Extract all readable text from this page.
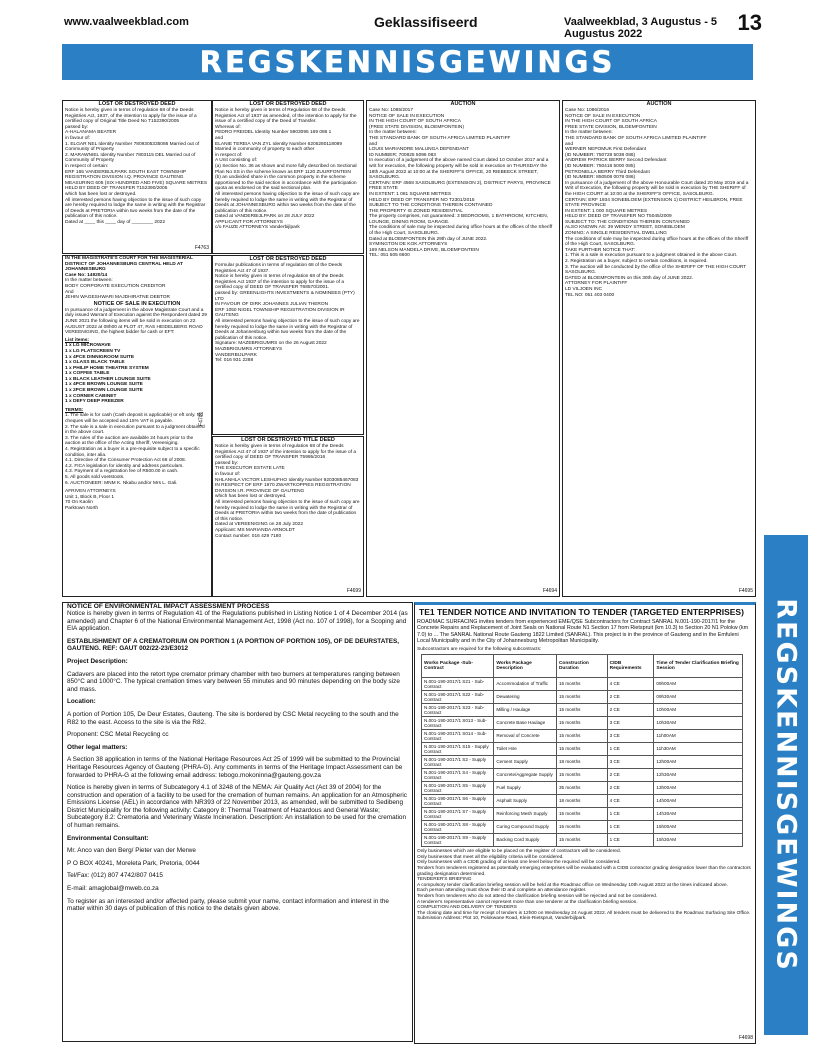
www.vaalweekblad.com	Geklassifiseerd	Vaalweekblad, 3 Augustus - 5 Augustus 2022	13
REGSKENNISGEWINGS
LOST OR DESTROYED DEED
Notice is hereby given in terms of regulation 68 of the Deeds Registries Act, 1937, of the intention to apply for the issue of a certified copy of Original Title Deed No T152390/2005
passed by:
A-HALANAMA BEATER
in favour of:
1. ELGAR NEL Identity Number 7809305335086 Married out of Community of Property
2. MARAWNIEL Identity Number 7803115 DEL Married out of Community of Property
in respect of certain:
ERF 165 VANDERBIJLPARK SOUTH EAST TOWNSHIP REGISTRATION DIVISION I.Q. PROVINCE GAUTENG
MEASURING 605 (SIX HUNDRED AND FIVE) SQUARE METRES
HELD BY DEED OF TRANSFER T152390/2005
which has been lost or destroyed.
All interested persons having objection to the issue of such copy are hereby required to lodge the same in writing with the Registrar of Deeds at PRETORIA within two weeks from the date of the publication of this notice.
Dated at ____ this ____ day of ________ 2022
F4763
LOST OR DESTROYED DEED
Notice is hereby given in terms of Regulation 68 of the Deeds Registries Act of 1937 as amended, of the intention to apply for the issue of a certified copy of the Deed of Transfer.
Whereas of:
PEDRO FREIDEL Identity Number 5903095 169 086 1
and
ELANIE TEREIA VAN ZYL Identity Number 6205280118089
Married in community of property to each other
in respect of:
A Unit consisting of:
(a) Section No. 36 as shown and more fully described on Sectional Plan No SS in the scheme known as ERF 1120 ZUURFONTEIN
(b) an undivided share in the common property in the scheme apportioned to the said section in accordance with the participation quota as endorsed on the said sectional plan.
All interested persons having objection to the issue of such copy are hereby required to lodge the same in writing with the Registrar of Deeds at JOHANNESBURG within two weeks from the date of the publication of this notice.
Dated at VANDERBIJLPARK on 28 JULY 2022
APPLICANT FOR ATTORNEYS
c/o FAUZE ATTORNEYS Vanderbijlpark
IN THE MAGISTRATE'S COURT FOR THE MAGISTERIAL DISTRICT OF JOHANNESBURG CENTRAL HELD AT JOHANNESBURG
Case No: 14920/14
In the matter between:
BODY CORPORATE EXECUTION CREDITOR
And
JEHIN WAGESHWARI MAJDHIRATNE DEBTOR
NOTICE OF SALE IN EXECUTION

In pursuance of a judgement in the above Magistrate Court and a duly issued Warrant of Execution against the Respondent dated 29 JUNE 2021 the following items will be sold in execution on 22 AUGUST 2022 at 08h00 at PLOT 47, RAS HEIDELBERG ROAD VEREENIGING, the highest bidder for cash or EFT:

List items:
1 x LG MICROWAVE
1 x LG FLATSCREEN TV
1 x 4PCE DINNIGROOM SUITE
1 x GLASS BLACK TABLE
1 x PHILIP HOME THEATRE SYSTEM
1 x COFFEE TABLE
1 x BLACK LEATHER LOUNGE SUITE
1 x 4PCE BROWN LOUNGE SUITE
1 x 2PCE BROWN LOUNGE SUITE
1 x CORNER CABINET
1 x DEFY DEEP FREEZER
TERMS:
1. The sale is for cash (Cash deposit is applicable) or eft only. No cheques will be accepted and 15% VAT is payable.
2. The sale is a sale in execution pursuant to a judgment obtained in the above court.
3. The rules of the auction are available 24 hours prior to the auction at the office of the Acting Sheriff, Vereeniging.
4. Registration as a buyer is a pre-requisite subject to a specific condition, inter alia.
4.1. Directive of the Consumer Protection Act 68 of 2008.
4.2. FICA legislation for identity and address particulars.
4.3. Payment of a registration fee of R500.00 in cash.
5. All goods sold voetstoots.
6. AUCTIONEER: MNM K. Nkabu and/or Mrs L. Gali.
AFRIVEN ATTORNEYS
Unit 1, Block B, Floor 1
70 On Kaolin
Parktown North
F4701
LOST OR DESTROYED DEED
Formular publications in terms of regulation 68 of the Deeds Registries Act 47 of 1937.
Notice is hereby given in terms of regulation 68 of the Deeds Registries Act 1937 of the intention to apply for the issue of a certified copy of DEED OF TRANSFER T68570/2001.
passed by: GREENLIGHTS INVESTMENTS & NOMINEES (PTY) LTD
IN FAVOUR OF DIRK JOHANNES JULIAN THERON
ERF 1050 NIGEL TOWNSHIP REGISTRATION DIVISION IR GAUTENG
All interested persons having objection to the issue of such copy are hereby required to lodge the same in writing with the Registrar of Deeds at Johannesburg within two weeks from the date of the publication of this notice.
Signature: MAZEBRIGUMRS on the 26 August 2022
MAZIBRIGUMRS ATTORNEYS
VANDERBIJLPARK
Tel: 016 931 2288
LOST OR DESTROYED TITLE DEED
Notice is hereby given in terms of regulation 68 of the Deeds Registries Act 47 of 1937 of the intention to apply for the issue of a certified copy of DEED OF TRANSFER T5995/2016
passed by:
THE EXECUTOR ESTATE LATE
in favour of:
NHLANHLA VICTOR LESHUFHO Identity Number 9203085467083
IN RESPECT OF ERF 1970 ZWARTKOPPIES REGISTRATION DIVISION I.R. PROVINCE OF GAUTENG
which has been lost or destroyed.
All interested persons having objection to the issue of such copy are hereby required to lodge the same in writing with the Registrar of Deeds at PRETORIA within two weeks from the date of publication of this notice.
Dated at VEREENIGING on 28 July 2022
Applicant: MS MARIANDA ARNOLDT
Contact number: 016 429 7180
F4699
AUCTION
Case No: 1085/2017
NOTICE OF SALE IN EXECUTION
IN THE HIGH COURT OF SOUTH AFRICA
(FREE STATE DIVISION, BLOEMFONTEIN)
In the matter between:
THE STANDARD BANK OF SOUTH AFRICA LIMITED PLAINTIFF
and
LOUIS MARIANDRE MALUNGA DEFENDANT
ID NUMBER: 700825 5096 083
In execution of a judgement of the above named Court dated 10 October 2017 and a writ for execution, the following property will be sold in execution on THURSDAY the 18th August 2022 at 10:00 at the SHERIFF'S OFFICE, 20 RIEBEECK STREET, SASOLBURG.
CERTAIN: ERF 4568 SASOLBURG (EXTENSION 2), DISTRICT PARYS, PROVINCE FREE STATE
IN EXTENT: 1 081 SQUARE METRES
HELD BY DEED OF TRANSFER NO T2301/2015
SUBJECT TO THE CONDITIONS THEREIN CONTAINED
THE PROPERTY IS ZONED RESIDENTIAL
The property comprises, not guaranteed: 3 BEDROOMS, 1 BATHROOM, KITCHEN, LOUNGE, DINING ROOM, GARAGE.
The conditions of sale may be inspected during office hours at the offices of the Sheriff of the High Court, SASOLBURG.
Dated at BLOEMFONTEIN this 29th day of JUNE 2022.
SYMINGTON DE KOK ATTORNEYS
169 NELSON MANDELA DRIVE, BLOEMFONTEIN
TEL: 051 505 6600
F4694
AUCTION
Case No: 1086/2016
NOTICE OF SALE IN EXECUTION
IN THE HIGH COURT OF SOUTH AFRICA
FREE STATE DIVISION, BLOEMFONTEIN
In the matter between:
THE STANDARD BANK OF SOUTH AFRICA LIMITED PLAINTIFF
and
WERNER NEPOMUK First Defendant
(ID NUMBER: 750728 5038 086)
ANDREW PATRICK BERRY Second Defendant
(ID NUMBER: 750418 5000 085)
PETRONELLA BERRY Third Defendant
(ID NUMBER: 850508 0078 086)
In pursuance of a judgement of the above Honourable Court dated 20 May 2019 and a Writ of Execution, the following property will be sold in execution by THE SHERIFF of the HIGH COURT at 10:00 at the SHERIFF'S OFFICE, SASOLBURG.
CERTAIN: ERF 1934 SONEBLOEM (EXTENSION 1) DISTRICT HEILBRON, FREE STATE PROVINCE
IN EXTENT: 1 000 SQUARE METRES
HELD BY: DEED OF TRANSFER NO T5045/2009
SUBJECT TO: THE CONDITIONS THEREIN CONTAINED
ALSO KNOWN AS: 39 WENDY STREET, SONEBLOEM
ZONING: A SINGLE RESIDENTIAL DWELLING
The conditions of sale may be inspected during office hours at the offices of the Sheriff of the High Court, SASOLBURG.
TAKE FURTHER NOTICE THAT:
1. This is a sale in execution pursuant to a judgment obtained in the above Court.
2. Registration as a buyer, subject to certain conditions, is required.
3. The auction will be conducted by the office of the SHERIFF OF THE HIGH COURT SASOLBURG.
DATED at BLOEMFONTEIN on this 30th day of JUNE 2022.
ATTORNEY FOR PLAINTIFF
LD VILJOEN INC
TEL NO: 051 403 0400
F4695
NOTICE OF ENVIRONMENTAL IMPACT ASSESSMENT PROCESS

Notice is hereby given in terms of Regulation 41 of the Regulations published in Listing Notice 1 of 4 December 2014 (as amended) and Chapter 6 of the National Environmental Management Act, 1998 (Act no. 107 of 1998), for a Scoping and EIA application.

ESTABLISHMENT OF A CREMATORIUM ON PORTION 1 (A PORTION OF PORTION 105), OF DE DEURSTATES, GAUTENG. REF: GAUT 002/22-23/E3012

Project Description:

Cadavers are placed into the retort type cremator primary chamber with two burners at temperatures ranging between 850°C and 1000°C. The typical cremation times vary between 55 minutes and 90 minutes depending on the body size and mass.

Location:

A portion of Portion 105, De Deur Estates, Gauteng. The site is bordered by CSC Metal recycling to the south and the R82 to the east. Access to the site is via the R82.

Proponent: CSC Metal Recycling cc

Other legal matters:

A Section 38 application in terms of the National Heritage Resources Act 25 of 1999 will be submitted to the Provincial Heritage Resources Agency of Gauteng (PHRA-G). Any comments in terms of the Heritage Impact Assessment can be forwarded to PHRA-G at the following email address: tebogo.mokoninna@gauteng.gov.za

Notice is hereby given in terms of Subcategory 4.1 of 3248 of the NEMA: Air Quality Act (Act 39 of 2004) for the construction and operation of a facility to be used for the cremation of human remains. An application for an Atmospheric Emissions License (AEL) in accordance with NR393 of 22 November 2013, as amended, will be submitted to Sedibeng District Municipality for the following activity: Category 8: Thermal Treatment of Hazardous and General Waste; Subcategory 8.2: Crematoria and Veterinary Waste Incineration. Description: An installation to be used for the cremation of human remains.

Environmental Consultant:

Mr. Anco van den Berg/ Pieter van der Merwe

P O BOX 40241, Moreleta Park, Pretoria, 0044

Tel/Fax: (012) 807 4742/807 0415

E-mail: amaglobal@mweb.co.za

To register as an interested and/or affected party, please submit your name, contact information and interest in the matter within 30 days of publication of this notice to the details given above.

TE1 TENDER NOTICE AND INVITATION TO TENDER (TARGETED ENTERPRISES)

ROADMAC SURFACING invites tenders from experienced EME/QSE Subcontractors for Contract SANRAL N.001-190-2017/1 for the Concrete Repairs and Replacement of Joint Seals on National Route N1 Section 17 from Rietspruit (km 10.3) to Section 20 N1 Polokw (km 7.0) to ... The SANRAL National Route Gauteng 1822 Limited (SANRAL). This project is in the province of Gauteng and in the Emfuleni Local Municipality and in the City of Johannesburg Metropolitan Municipality.

Subcontractors are required for the following subcontracts:

Works Package -Sub-Contract	Works Package Description	Construction Duration	CIDB Requirements	Time of Tender Clarification Briefing Session
N.001-190-2017/1 S21 - Sub-Contract	Accommodation of Traffic	15 months	4 CE	09h00AM
N.001-190-2017/1 S22 - Sub-Contract	Dewatering	15 months	2 CE	09h30AM
N.001-190-2017/1 S23 - Sub-Contract	Milling / Haulage	15 months	2 CE	10h00AM
N.001-190-2017/1 S013 - Sub-Contract	Concrete Base Haulage	15 months	3 CE	10h30AM
N.001-190-2017/1 S014 - Sub-Contract	Removal of Concrete	15 months	3 CE	11h00AM
N.001-190-2017/1 S15 - Supply Contract	Toilet Hire	15 months	1 CE	11h30AM
N.001-190-2017/1 S2 - Supply Contract	Cement Supply	18 months	3 CE	12h00AM
N.001-190-2017/1 S4 - Supply Contract	Concrete/Aggregate Supply	15 months	2 CE	12h30AM
N.001-190-2017/1 S5 - Supply Contract	Fuel Supply	35 months	2 CE	13h00AM
N.001-190-2017/1 S6 - Supply Contract	Asphalt Supply	18 months	4 CE	14h00AM
N.001-190-2017/1 S7 - Supply Contract	Reinforcing Mesh Supply	15 months	1 CE	14h30AM
N.001-190-2017/1 S8 - Supply Contract	Curing Compound Supply	15 months	1 CE	15h00AM
N.001-190-2017/1 S9 - Supply Contract	Backing Cord Supply	15 months	1 CE	15h30AM
Only businesses which are eligible to be placed on the register of contractors will be considered.
Only businesses that meet all the eligibility criteria will be considered.
Only businesses with a CIDB grading of at least one level below the required will be considered.
Tenders from tenderers registered as potentially emerging enterprises will be evaluated with a CIDB contractor grading designation lower than the contractors grading designation determined.
TENDERER'S BRIEFING
A compulsory tender clarification briefing session will be held at the Roadmac office on Wednesday 10th August 2022 at the times indicated above.
Each person attending must show their ID and complete an attendance register.
Tenders from tenderers who do not attend the clarification briefing session will be rejected and not be considered.
A tenderer's representative cannot represent more than one tenderer at the clarification briefing session.
COMPLETION AND DELIVERY OF TENDERS
The closing date and time for receipt of tenders is 12h00 on Wednesday 24 August 2022. All tenders must be delivered to the Roadmac Surfacing Site Office.
Submission Address: Plot 10, Polokwane Road, Klein-Rietspruit, Vanderbijlpark.
F4698
REGSKENNISGEWINGS
